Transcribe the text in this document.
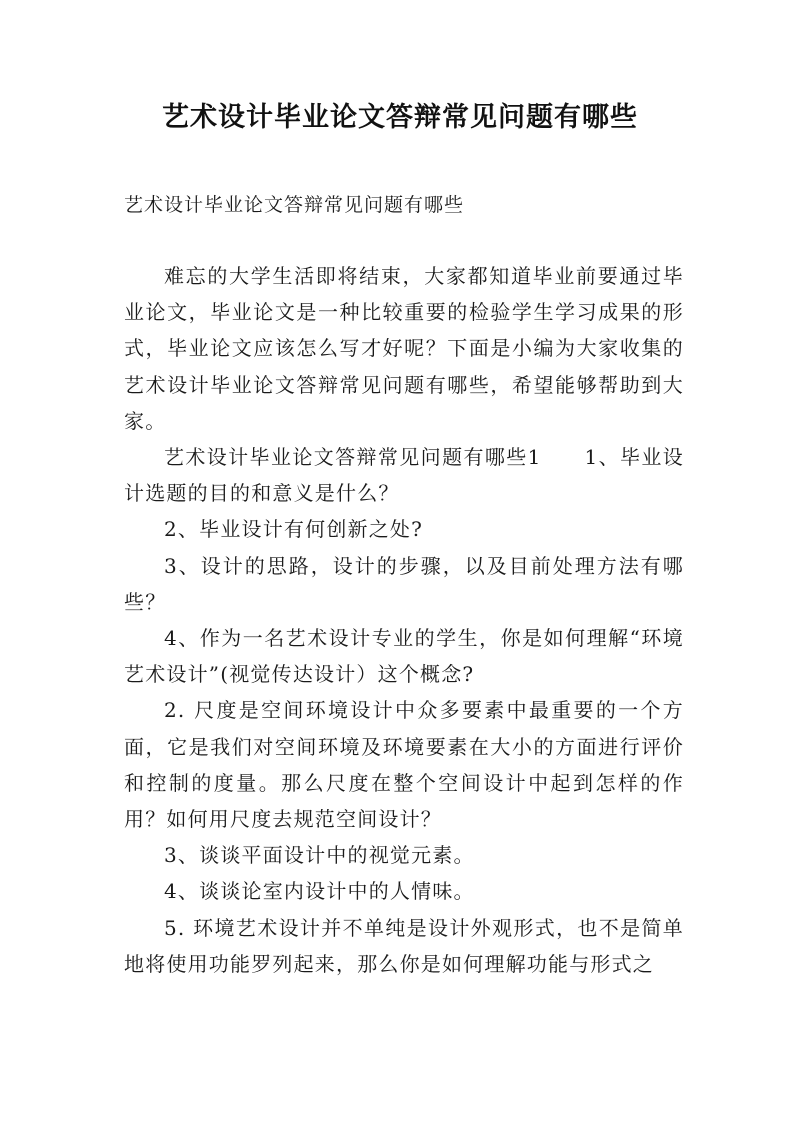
艺术设计毕业论文答辩常见问题有哪些
艺术设计毕业论文答辩常见问题有哪些

难忘的大学生活即将结束，大家都知道毕业前要通过毕业论文，毕业论文是一种比较重要的检验学生学习成果的形式，毕业论文应该怎么写才好呢？下面是小编为大家收集的艺术设计毕业论文答辩常见问题有哪些，希望能够帮助到大家。

艺术设计毕业论文答辩常见问题有哪些1　　1、毕业设计选题的目的和意义是什么？

2、毕业设计有何创新之处?

3、设计的思路，设计的步骤，以及目前处理方法有哪些？

4、作为一名艺术设计专业的学生，你是如何理解“环境艺术设计”(视觉传达设计）这个概念?

2. 尺度是空间环境设计中众多要素中最重要的一个方面，它是我们对空间环境及环境要素在大小的方面进行评价和控制的度量。那么尺度在整个空间设计中起到怎样的作用？如何用尺度去规范空间设计？

3、谈谈平面设计中的视觉元素。

4、谈谈论室内设计中的人情味。

5. 环境艺术设计并不单纯是设计外观形式，也不是简单地将使用功能罗列起来，那么你是如何理解功能与形式之
